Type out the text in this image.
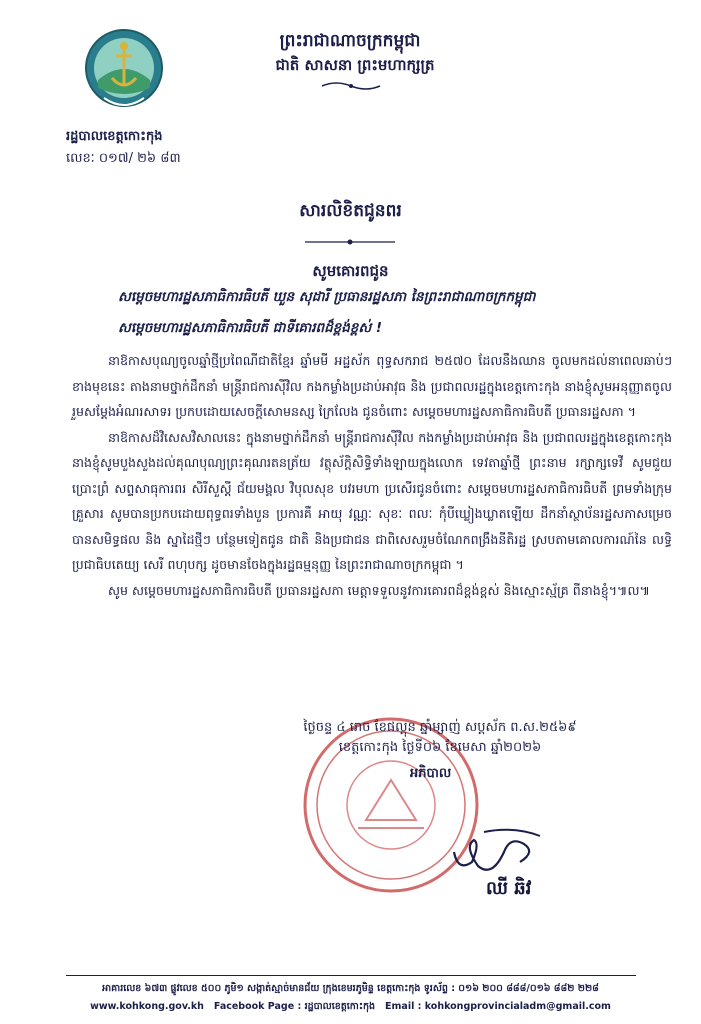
ព្រះរាជាណាចក្រកម្ពុជា
ជាតិ សាសនា ព្រះមហាក្សត្រ
រដ្ឋបាលខេត្តកោះកុង
លេខៈ ០១៧/ ២៦ ៨៣
សារលិខិតជូនពរ
សូមគោរពជូន
សម្តេចមហារដ្ឋសភាធិការធិបតី ឃួន សុដារី ប្រធានរដ្ឋសភា នៃព្រះរាជាណាចក្រកម្ពុជា
សម្តេចមហារដ្ឋសភាធិការធិបតី ជាទីគោរពដ៏ខ្ពង់ខ្ពស់ !

នាឱកាសបុណ្យចូលឆ្នាំថ្មីប្រពៃណីជាតិខ្មែរ ឆ្នាំមមី អដ្ឋស័ក ពុទ្ធសករាជ ២៥៧០ ដែលនឹងឈាន ចូលមកដល់នាពេលឆាប់ៗខាងមុខនេះ តាងនាមថ្នាក់ដឹកនាំ មន្ត្រីរាជការស៊ីវិល កងកម្លាំងប្រដាប់អាវុធ និង ប្រជាពលរដ្ឋក្នុងខេត្តកោះកុង នាងខ្ញុំសូមអនុញ្ញាតចូលរួមសម្តែងអំណរសាទរ ប្រកបដោយសេចក្តីសោមនស្ស ក្រៃលែង ជូនចំពោះ សម្តេចមហារដ្ឋសភាធិការធិបតី ប្រធានរដ្ឋសភា ។

នាឱកាសដ៏វិសេសវិសាលនេះ ក្នុងនាមថ្នាក់ដឹកនាំ មន្ត្រីរាជការស៊ីវិល កងកម្លាំងប្រដាប់អាវុធ និង ប្រជាពលរដ្ឋក្នុងខេត្តកោះកុង នាងខ្ញុំសូមបួងសួងដល់គុណបុណ្យព្រះគុណរតនត្រ័យ វត្ថុស័ក្តិសិទ្ធិទាំងឡាយក្នុងលោក ទេវតាឆ្នាំថ្មី ព្រះនាម រក្សាក្សទេវី សូមជួយប្រោះព្រំ សព្ទសាធុការពរ សិរីសួស្តី ជ័យមង្គល វិបុលសុខ បវរមហា ប្រសើរជូនចំពោះ សម្តេចមហារដ្ឋសភាធិការធិបតី ព្រមទាំងក្រុមគ្រួសារ សូមបានប្រកបដោយពុទ្ធពរទាំងបួន ប្រការគឺ អាយុ វណ្ណៈ សុខៈ ពលៈ កុំបីឃ្លៀងឃ្លាតឡើយ ដឹកនាំស្ថាប័នរដ្ឋសភាសម្រេចបានសមិទ្ធផល និង ស្នាដៃថ្មីៗ បន្ថែមទៀតជូន ជាតិ និងប្រជាជន ជាពិសេសរួមចំណែកពង្រឹងនីតិរដ្ឋ ស្របតាមគោលការណ៍នៃ លទ្ធិប្រជាធិបតេយ្យ សេរី ពហុបក្ស ដូចមានចែងក្នុងរដ្ឋធម្មនុញ្ញ នៃព្រះរាជាណាចក្រកម្ពុជា ។

សូម សម្តេចមហារដ្ឋសភាធិការធិបតី ប្រធានរដ្ឋសភា មេត្តាទទួលនូវការគោរពដ៏ខ្ពង់ខ្ពស់ និងស្មោះស្ម័គ្រ ពីនាងខ្ញុំ។៕ល៕

ថ្ងៃចន្ទ ៤ រោច ខែផល្គុន ឆ្នាំម្សាញ់ សប្តស័ក ព.ស.២៥៦៩
ខេត្តកោះកុង ថ្ងៃទី០៦ ខែមេសា ឆ្នាំ២០២៦
អភិបាល
ឈី ឆិវ
អាគារលេខ ៦៧៣ ផ្លូវលេខ ៥០០ ភូមិ១ សង្កាត់ស្មាច់មានជ័យ ក្រុងខេមរភូមិន្ទ ខេត្តកោះកុង ទូរស័ព្ទ : ០១៦ ២០០ ៨៨៨/០១៦ ៨៨២ ២២៨
www.kohkong.gov.kh Facebook Page : រដ្ឋបាលខេត្តកោះកុង Email : kohkongprovincialadm@gmail.com
